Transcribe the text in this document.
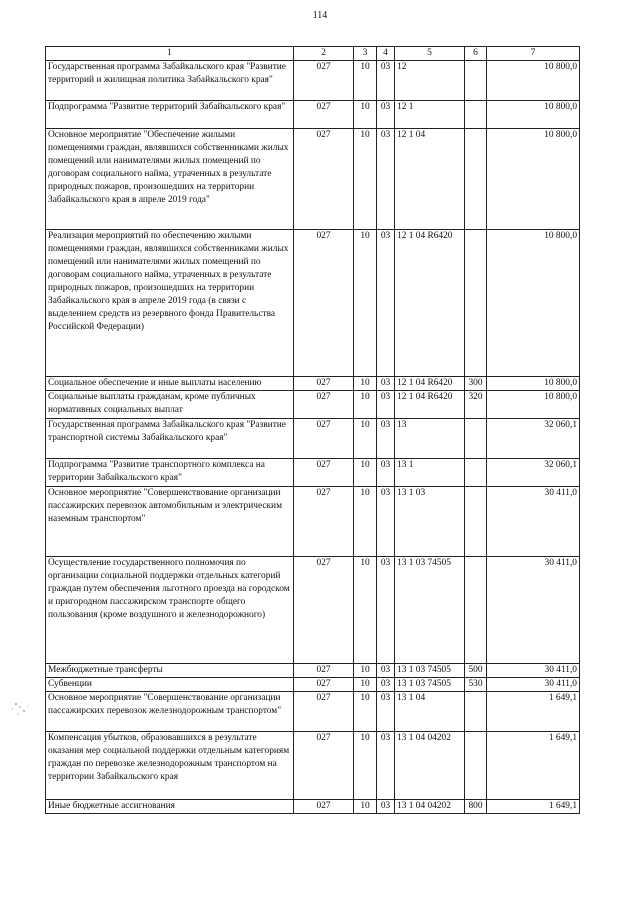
114
1	2	3	4	5	6	7
Государственная программа Забайкальского края "Развитие территорий и жилищная политика Забайкальского края"	027	10	03	12		10 800,0
Подпрограмма "Развитие территорий Забайкальского края"	027	10	03	12 1		10 800,0
Основное мероприятие "Обеспечение жилыми помещениями граждан, являвшихся собственниками жилых помещений или нанимателями жилых помещений по договорам социального найма, утраченных в результате природных пожаров, произошедших на территории Забайкальского края в апреле 2019 года"	027	10	03	12 1 04		10 800,0
Реализация мероприятий по обеспечению жилыми помещениями граждан, являвшихся собственниками жилых помещений или нанимателями жилых помещений по договорам социального найма, утраченных в результате природных пожаров, произошедших на территории Забайкальского края в апреле 2019 года (в связи с выделением средств из резервного фонда Правительства Российской Федерации)	027	10	03	12 1 04 R6420		10 800,0
Социальное обеспечение и иные выплаты населению	027	10	03	12 1 04 R6420	300	10 800,0
Социальные выплаты гражданам, кроме публичных нормативных социальных выплат	027	10	03	12 1 04 R6420	320	10 800,0
Государственная программа Забайкальского края "Развитие транспортной системы Забайкальского края"	027	10	03	13		32 060,1
Подпрограмма "Развитие транспортного комплекса на территории Забайкальского края"	027	10	03	13 1		32 060,1
Основное мероприятие "Совершенствование организации пассажирских перевозок автомобильным и электрическим наземным транспортом"	027	10	03	13 1 03		30 411,0
Осуществление государственного полномочия по организации социальной поддержки отдельных категорий граждан путем обеспечения льготного проезда на городском и пригородном пассажирском транспорте общего пользования (кроме воздушного и железнодорожного)	027	10	03	13 1 03 74505		30 411,0
Межбюджетные трансферты	027	10	03	13 1 03 74505	500	30 411,0
Субвенции	027	10	03	13 1 03 74505	530	30 411,0
Основное мероприятие "Совершенствование организации пассажирских перевозок железнодорожным транспортом"	027	10	03	13 1 04		1 649,1
Компенсация убытков, образовавшихся в результате оказания мер социальной поддержки отдельным категориям граждан по перевозке железнодорожным транспортом на территории Забайкальского края	027	10	03	13 1 04 04202		1 649,1
Иные бюджетные ассигнования	027	10	03	13 1 04 04202	800	1 649,1
